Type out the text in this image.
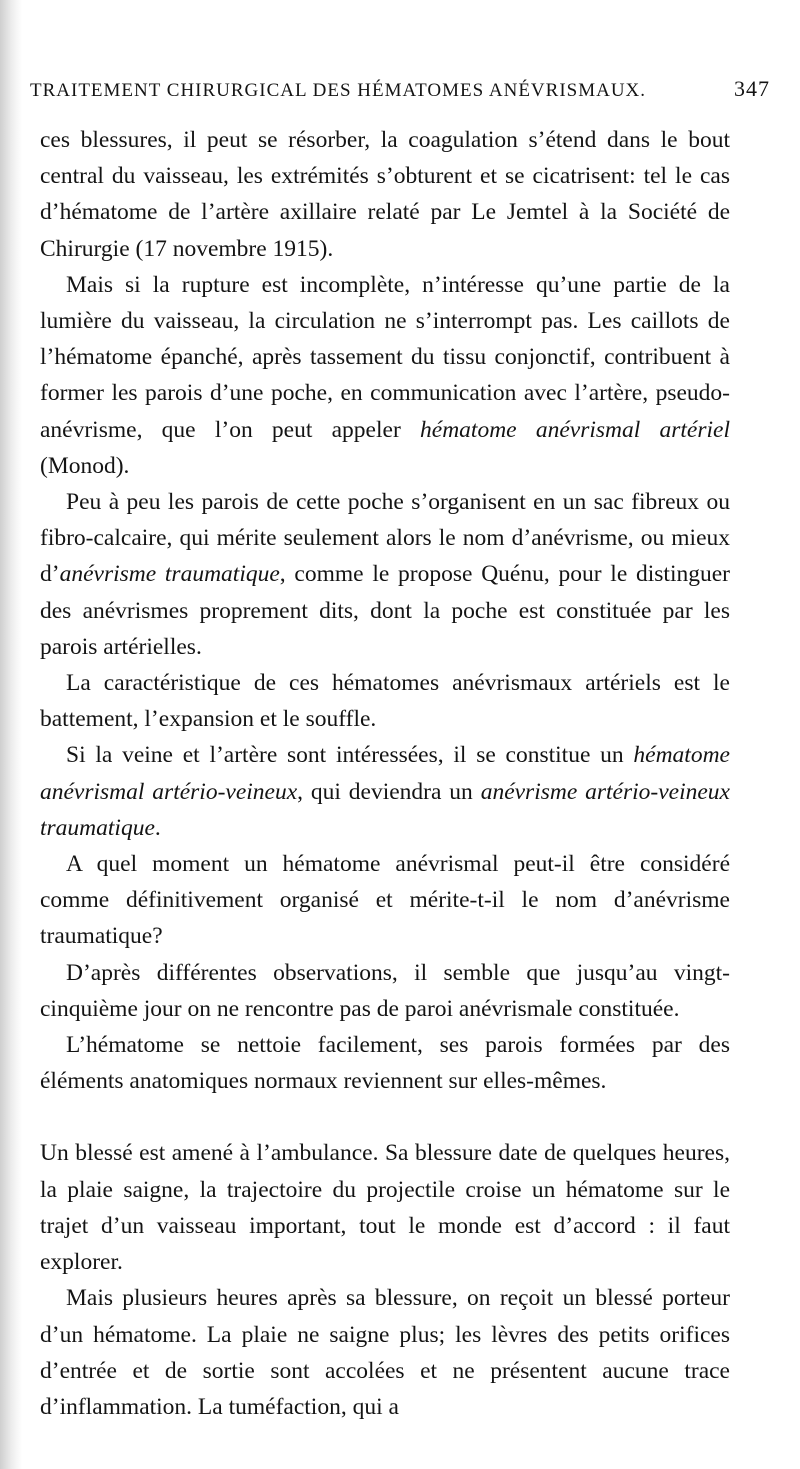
TRAITEMENT CHIRURGICAL DES HÉMATOMES ANÉVRISMAUX.	347

ces blessures, il peut se résorber, la coagulation s’étend dans le bout central du vaisseau, les extrémités s’obturent et se cicatrisent: tel le cas d’hématome de l’artère axillaire relaté par Le Jemtel à la Société de Chirurgie (17 novembre 1915).

Mais si la rupture est incomplète, n’intéresse qu’une partie de la lumière du vaisseau, la circulation ne s’interrompt pas. Les caillots de l’hématome épanché, après tassement du tissu conjonctif, contribuent à former les parois d’une poche, en communication avec l’artère, pseudo-anévrisme, que l’on peut appeler hématome anévrismal artériel (Monod).

Peu à peu les parois de cette poche s’organisent en un sac fibreux ou fibro-calcaire, qui mérite seulement alors le nom d’anévrisme, ou mieux d’anévrisme traumatique, comme le propose Quénu, pour le distinguer des anévrismes proprement dits, dont la poche est constituée par les parois artérielles.

La caractéristique de ces hématomes anévrismaux artériels est le battement, l’expansion et le souffle.

Si la veine et l’artère sont intéressées, il se constitue un hématome anévrismal artério-veineux, qui deviendra un anévrisme artério-veineux traumatique.

A quel moment un hématome anévrismal peut-il être considéré comme définitivement organisé et mérite-t-il le nom d’anévrisme traumatique?

D’après différentes observations, il semble que jusqu’au vingt-cinquième jour on ne rencontre pas de paroi anévrismale constituée.

L’hématome se nettoie facilement, ses parois formées par des éléments anatomiques normaux reviennent sur elles-mêmes.

Un blessé est amené à l’ambulance. Sa blessure date de quelques heures, la plaie saigne, la trajectoire du projectile croise un hématome sur le trajet d’un vaisseau important, tout le monde est d’accord : il faut explorer.

Mais plusieurs heures après sa blessure, on reçoit un blessé porteur d’un hématome. La plaie ne saigne plus; les lèvres des petits orifices d’entrée et de sortie sont accolées et ne présentent aucune trace d’inflammation. La tuméfaction, qui a
